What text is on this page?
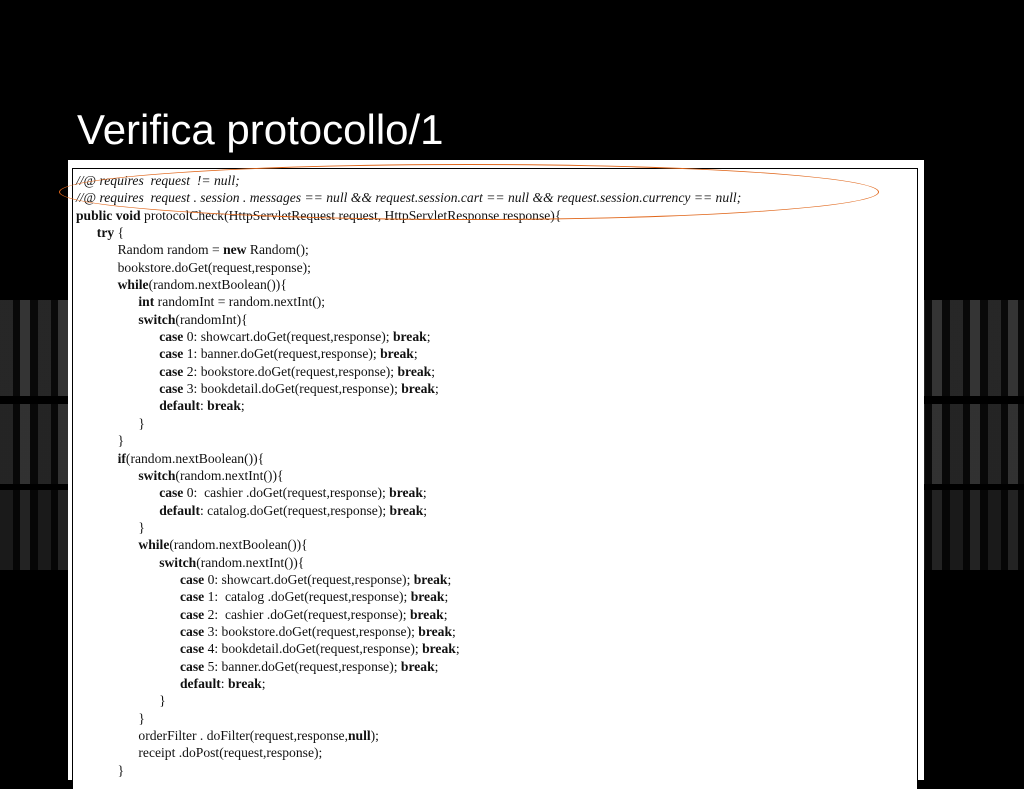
Verifica protocollo/1
//@ requires  request  != null;
//@ requires  request . session . messages == null && request.session.cart == null && request.session.currency == null;
public void protocolCheck(HttpServletRequest request, HttpServletResponse response){
try {
Random random = new Random();
bookstore.doGet(request,response);
while(random.nextBoolean()){
int randomInt = random.nextInt();
switch(randomInt){
case 0: showcart.doGet(request,response); break;
case 1: banner.doGet(request,response); break;
case 2: bookstore.doGet(request,response); break;
case 3: bookdetail.doGet(request,response); break;
default: break;
}
}
if(random.nextBoolean()){
switch(random.nextInt()){
case 0:  cashier .doGet(request,response); break;
default: catalog.doGet(request,response); break;
}
while(random.nextBoolean()){
switch(random.nextInt()){
case 0: showcart.doGet(request,response); break;
case 1:  catalog .doGet(request,response); break;
case 2:  cashier .doGet(request,response); break;
case 3: bookstore.doGet(request,response); break;
case 4: bookdetail.doGet(request,response); break;
case 5: banner.doGet(request,response); break;
default: break;
}
}
orderFilter . doFilter(request,response,null);
receipt .doPost(request,response);
}
